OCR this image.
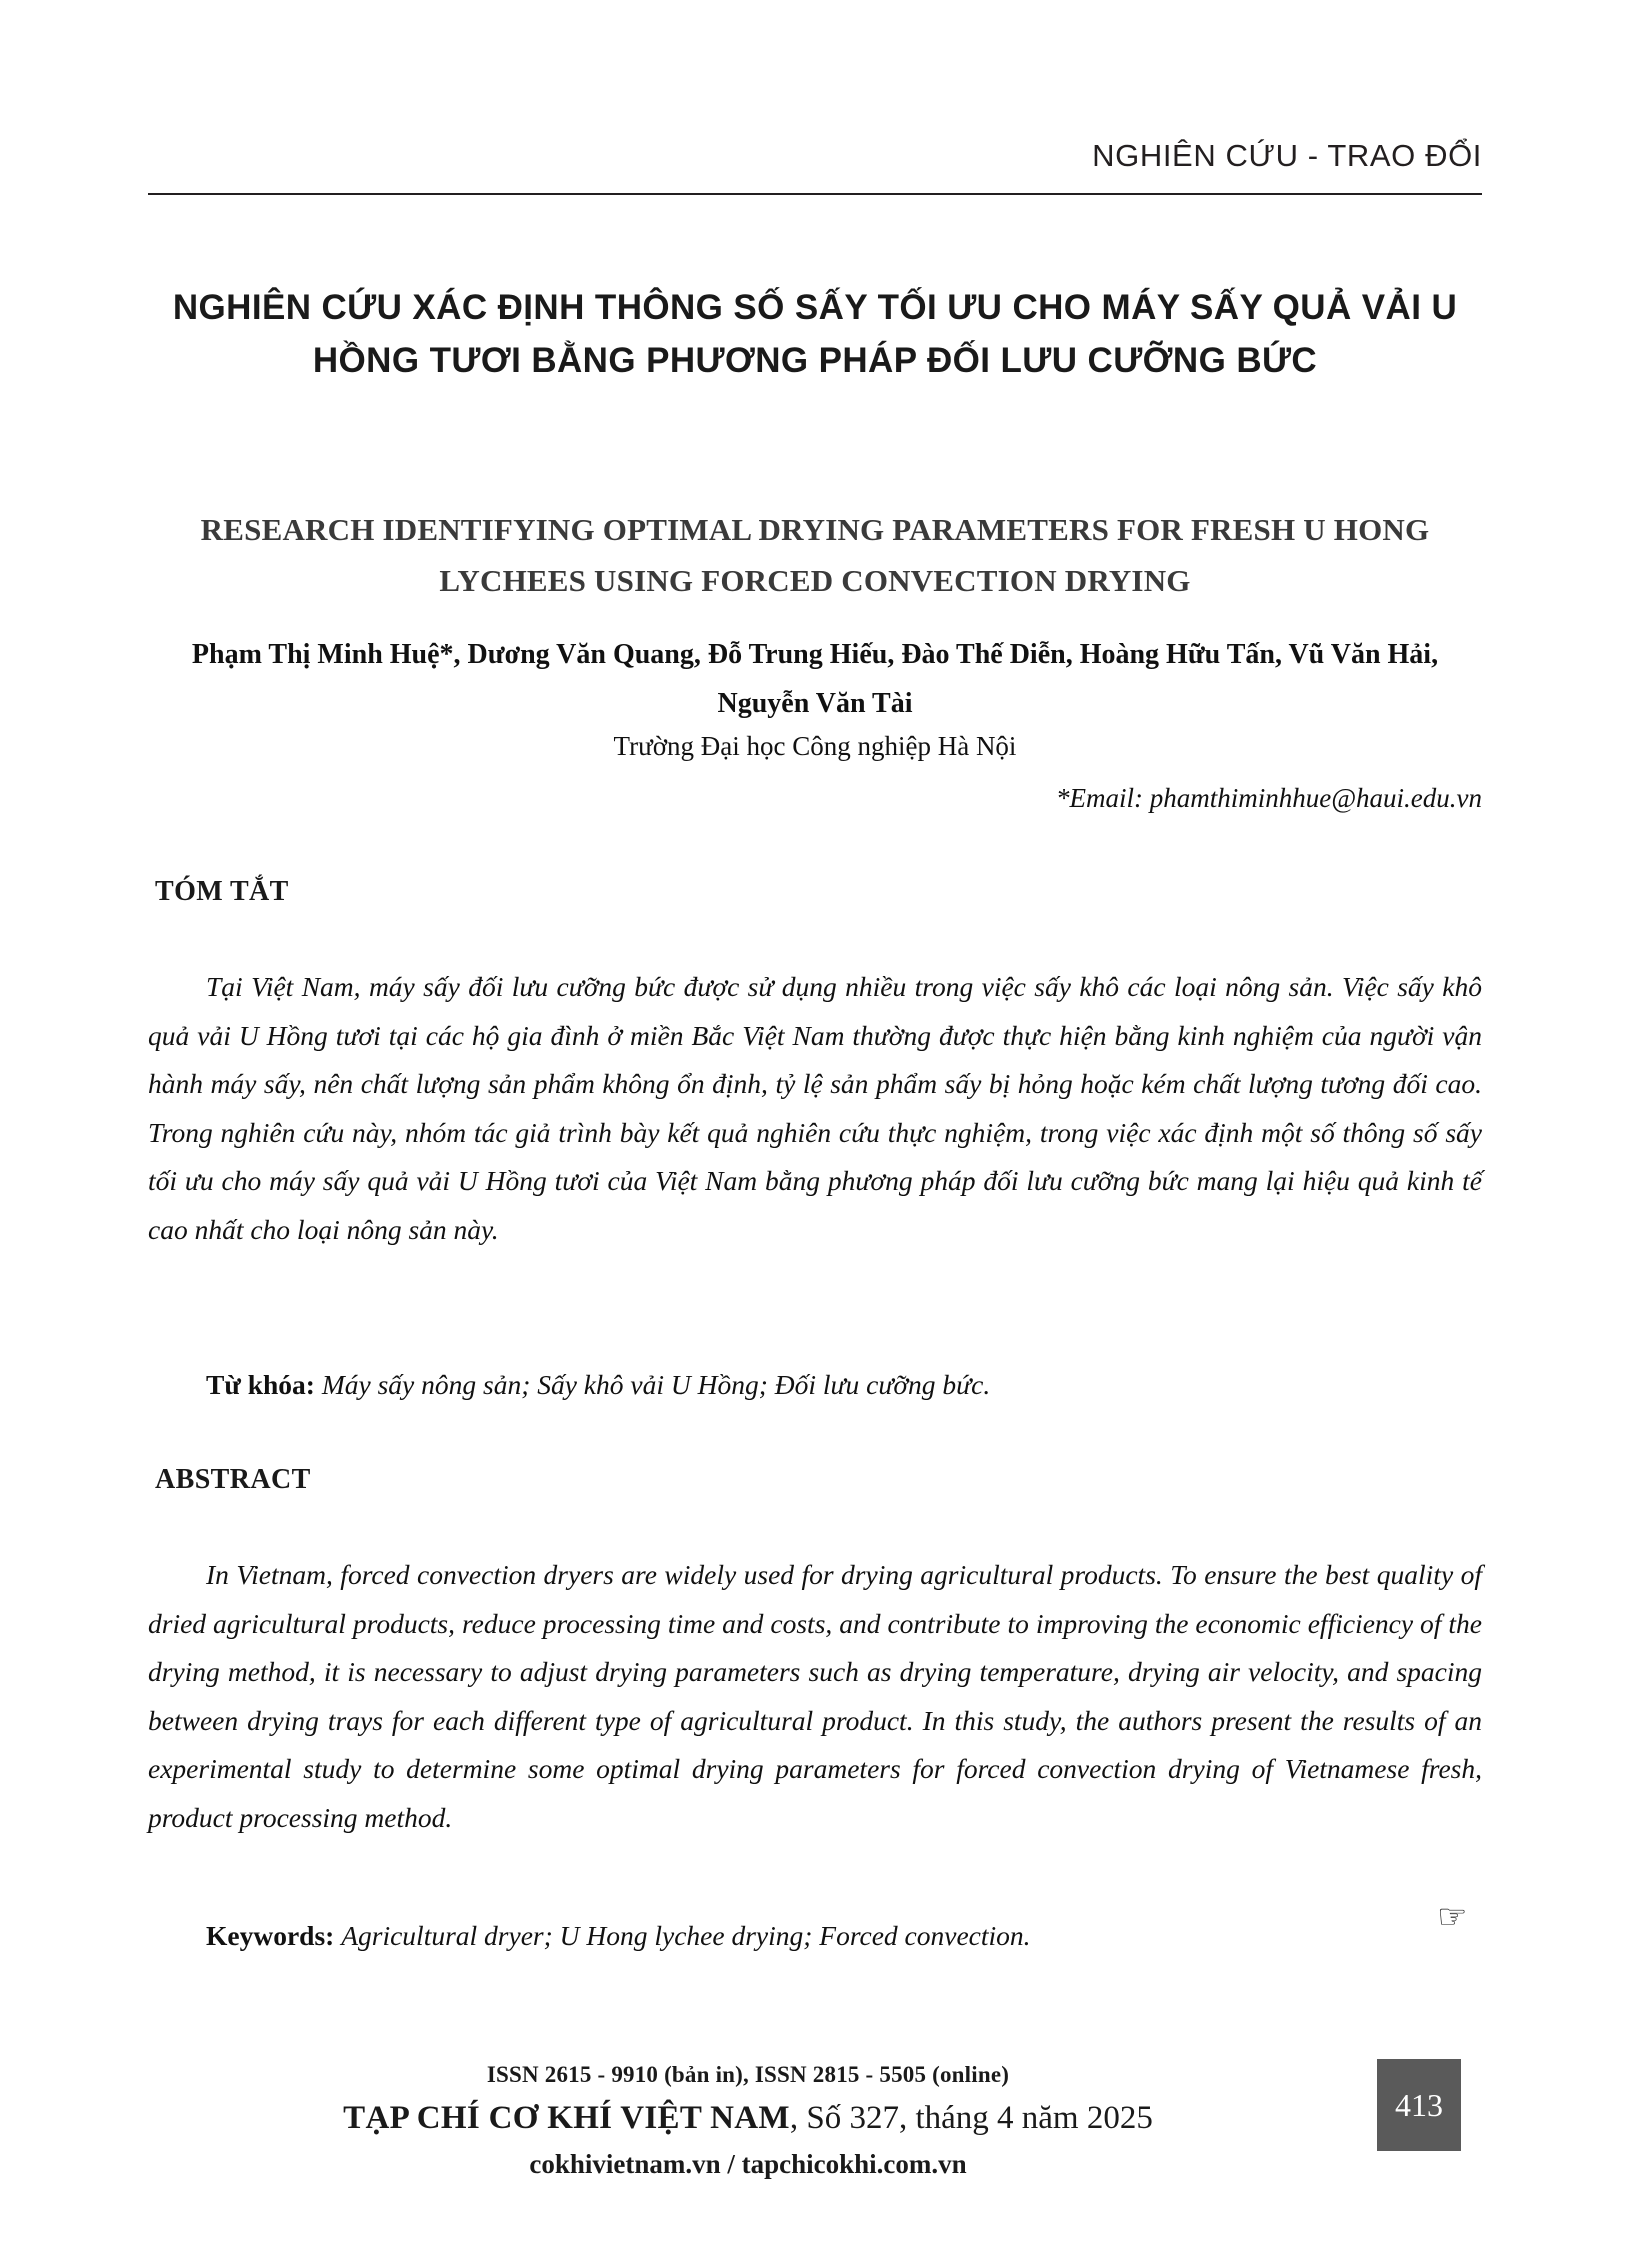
NGHIÊN CỨU - TRAO ĐỔI
NGHIÊN CỨU XÁC ĐỊNH THÔNG SỐ SẤY TỐI ƯU CHO MÁY SẤY QUẢ VẢI U HỒNG TƯƠI BẰNG PHƯƠNG PHÁP ĐỐI LƯU CƯỠNG BỨC
RESEARCH IDENTIFYING OPTIMAL DRYING PARAMETERS FOR FRESH U HONG LYCHEES USING FORCED CONVECTION DRYING
Phạm Thị Minh Huệ*, Dương Văn Quang, Đỗ Trung Hiếu, Đào Thế Diễn, Hoàng Hữu Tấn, Vũ Văn Hải, Nguyễn Văn Tài
Trường Đại học Công nghiệp Hà Nội
*Email: phamthiminhhue@haui.edu.vn
TÓM TẮT
Tại Việt Nam, máy sấy đối lưu cưỡng bức được sử dụng nhiều trong việc sấy khô các loại nông sản. Việc sấy khô quả vải U Hồng tươi tại các hộ gia đình ở miền Bắc Việt Nam thường được thực hiện bằng kinh nghiệm của người vận hành máy sấy, nên chất lượng sản phẩm không ổn định, tỷ lệ sản phẩm sấy bị hỏng hoặc kém chất lượng tương đối cao. Trong nghiên cứu này, nhóm tác giả trình bày kết quả nghiên cứu thực nghiệm, trong việc xác định một số thông số sấy tối ưu cho máy sấy quả vải U Hồng tươi của Việt Nam bằng phương pháp đối lưu cưỡng bức mang lại hiệu quả kinh tế cao nhất cho loại nông sản này.
Từ khóa: Máy sấy nông sản; Sấy khô vải U Hồng; Đối lưu cưỡng bức.
ABSTRACT
In Vietnam, forced convection dryers are widely used for drying agricultural products. To ensure the best quality of dried agricultural products, reduce processing time and costs, and contribute to improving the economic efficiency of the drying method, it is necessary to adjust drying parameters such as drying temperature, drying air velocity, and spacing between drying trays for each different type of agricultural product. In this study, the authors present the results of an experimental study to determine some optimal drying parameters for forced convection drying of Vietnamese fresh, product processing method.
Keywords: Agricultural dryer; U Hong lychee drying; Forced convection.	☞
ISSN 2615 - 9910 (bản in), ISSN 2815 - 5505 (online)
TẠP CHÍ CƠ KHÍ VIỆT NAM, Số 327, tháng 4 năm 2025
cokhivietnam.vn / tapchicokhi.com.vn
413
